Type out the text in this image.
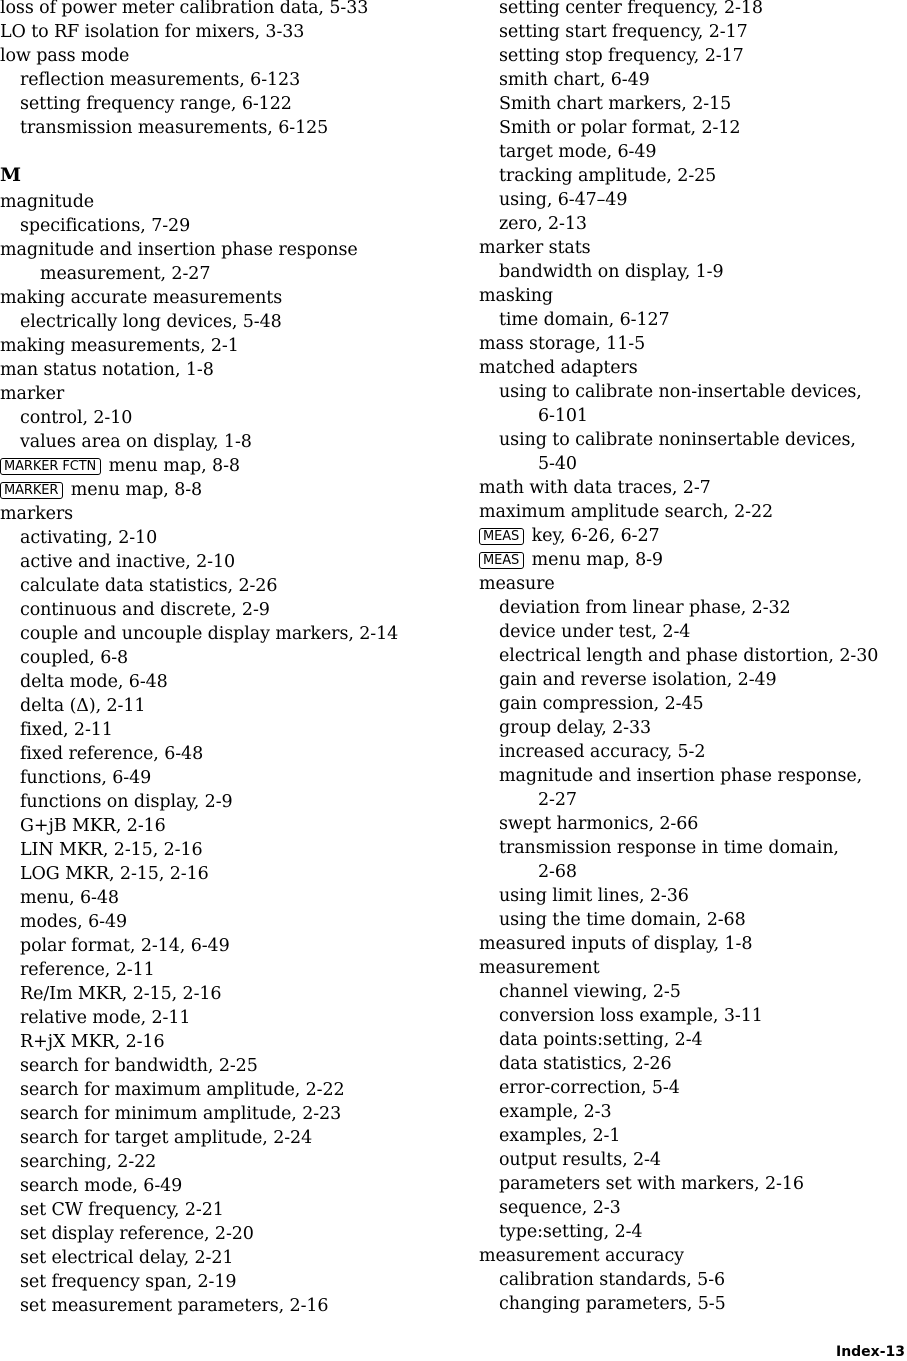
loss of power meter calibration data, 5-33
LO to RF isolation for mixers, 3-33
low pass mode
reflection measurements, 6-123
setting frequency range, 6-122
transmission measurements, 6-125
M
magnitude
specifications, 7-29
magnitude and insertion phase response
measurement, 2-27
making accurate measurements
electrically long devices, 5-48
making measurements, 2-1
man status notation, 1-8
marker
control, 2-10
values area on display, 1-8
MARKER FCTN menu map, 8-8
MARKER menu map, 8-8
markers
activating, 2-10
active and inactive, 2-10
calculate data statistics, 2-26
continuous and discrete, 2-9
couple and uncouple display markers, 2-14
coupled, 6-8
delta mode, 6-48
delta (Δ), 2-11
fixed, 2-11
fixed reference, 6-48
functions, 6-49
functions on display, 2-9
G+jB MKR, 2-16
LIN MKR, 2-15, 2-16
LOG MKR, 2-15, 2-16
menu, 6-48
modes, 6-49
polar format, 2-14, 6-49
reference, 2-11
Re/Im MKR, 2-15, 2-16
relative mode, 2-11
R+jX MKR, 2-16
search for bandwidth, 2-25
search for maximum amplitude, 2-22
search for minimum amplitude, 2-23
search for target amplitude, 2-24
searching, 2-22
search mode, 6-49
set CW frequency, 2-21
set display reference, 2-20
set electrical delay, 2-21
set frequency span, 2-19
set measurement parameters, 2-16
setting center frequency, 2-18
setting start frequency, 2-17
setting stop frequency, 2-17
smith chart, 6-49
Smith chart markers, 2-15
Smith or polar format, 2-12
target mode, 6-49
tracking amplitude, 2-25
using, 6-47–49
zero, 2-13
marker stats
bandwidth on display, 1-9
masking
time domain, 6-127
mass storage, 11-5
matched adapters
using to calibrate non-insertable devices,
6-101
using to calibrate noninsertable devices,
5-40
math with data traces, 2-7
maximum amplitude search, 2-22
MEAS key, 6-26, 6-27
MEAS menu map, 8-9
measure
deviation from linear phase, 2-32
device under test, 2-4
electrical length and phase distortion, 2-30
gain and reverse isolation, 2-49
gain compression, 2-45
group delay, 2-33
increased accuracy, 5-2
magnitude and insertion phase response,
2-27
swept harmonics, 2-66
transmission response in time domain,
2-68
using limit lines, 2-36
using the time domain, 2-68
measured inputs of display, 1-8
measurement
channel viewing, 2-5
conversion loss example, 3-11
data points:setting, 2-4
data statistics, 2-26
error-correction, 5-4
example, 2-3
examples, 2-1
output results, 2-4
parameters set with markers, 2-16
sequence, 2-3
type:setting, 2-4
measurement accuracy
calibration standards, 5-6
changing parameters, 5-5
Index-13
